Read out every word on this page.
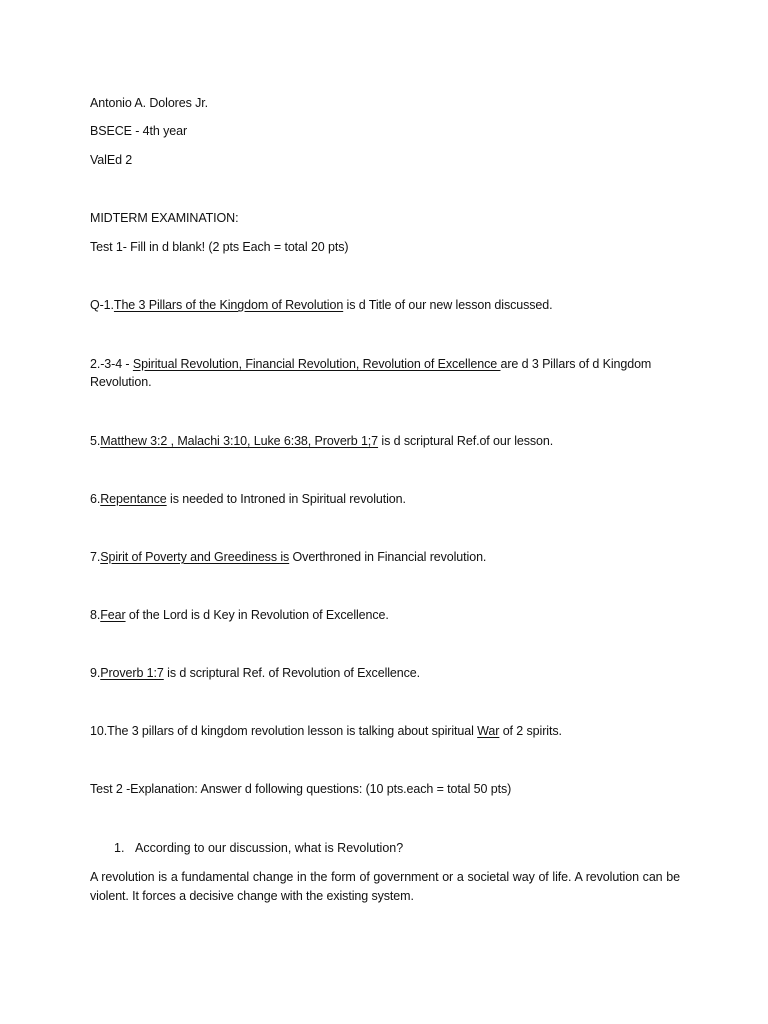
Antonio A. Dolores Jr.
BSECE - 4th year
ValEd 2
MIDTERM EXAMINATION:
Test 1- Fill in d blank! (2 pts Each = total 20 pts)
Q-1.The 3 Pillars of the Kingdom of Revolution is d Title of our new lesson discussed.
2.-3-4 - Spiritual Revolution, Financial Revolution, Revolution of Excellence are d 3 Pillars of d Kingdom
Revolution.
5.Matthew 3:2 , Malachi 3:10, Luke 6:38, Proverb 1;7 is d scriptural Ref.of our lesson.
6.Repentance is needed to Introned in Spiritual revolution.
7.Spirit of Poverty and Greediness is Overthroned in Financial revolution.
8.Fear of the Lord is d Key in Revolution of Excellence.
9.Proverb 1:7 is d scriptural Ref. of Revolution of Excellence.
10.The 3 pillars of d kingdom revolution lesson is talking about spiritual War of 2 spirits.
Test 2 -Explanation: Answer d following questions: (10 pts.each = total 50 pts)
1. According to our discussion, what is Revolution?
A revolution is a fundamental change in the form of government or a societal way of life. A revolution can be violent. It forces a decisive change with the existing system.
